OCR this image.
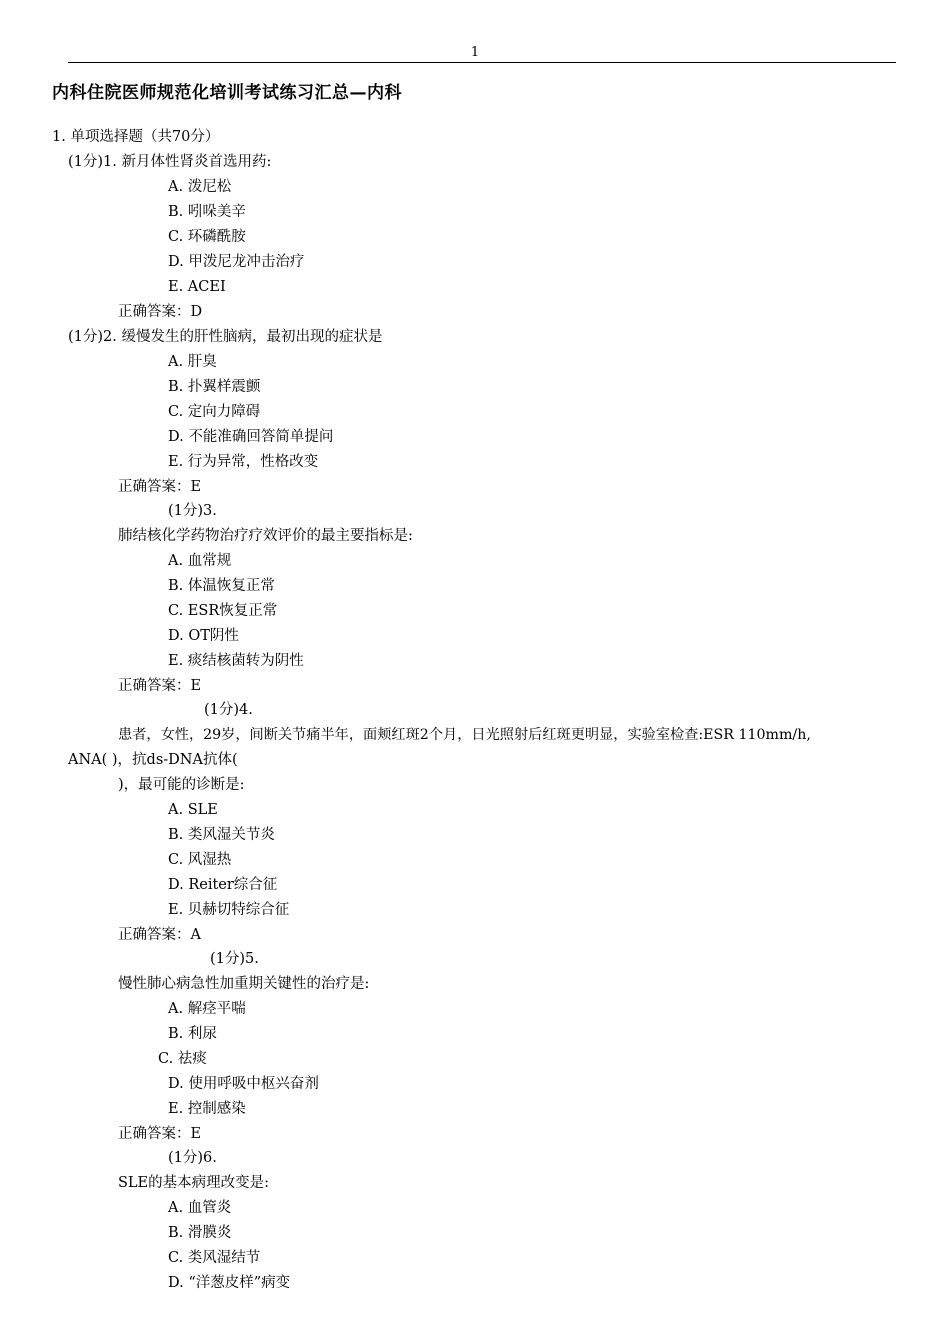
1
内科住院医师规范化培训考试练习汇总—内科
1. 单项选择题（共70分）
(1分)1. 新月体性肾炎首选用药:
A. 泼尼松
B. 吲哚美辛
C. 环磷酰胺
D. 甲泼尼龙冲击治疗
E. ACEI
正确答案：D
(1分)2. 缓慢发生的肝性脑病，最初出现的症状是
A. 肝臭
B. 扑翼样震颤
C. 定向力障碍
D. 不能准确回答简单提问
E. 行为异常，性格改变
正确答案：E
(1分)3.
肺结核化学药物治疗疗效评价的最主要指标是:
A. 血常规
B. 体温恢复正常
C. ESR恢复正常
D. OT阴性
E. 痰结核菌转为阴性
正确答案：E
(1分)4.
患者，女性，29岁，间断关节痛半年，面颊红斑2个月，日光照射后红斑更明显，实验室检查:ESR 110mm/h,
ANA( )，抗ds-DNA抗体(
)，最可能的诊断是:
A. SLE
B. 类风湿关节炎
C. 风湿热
D. Reiter综合征
E. 贝赫切特综合征
正确答案：A
(1分)5.
慢性肺心病急性加重期关键性的治疗是:
A. 解痉平喘
B. 利尿
C. 祛痰
D. 使用呼吸中枢兴奋剂
E. 控制感染
正确答案：E
(1分)6.
SLE的基本病理改变是:
A. 血管炎
B. 滑膜炎
C. 类风湿结节
D. “洋葱皮样”病变
